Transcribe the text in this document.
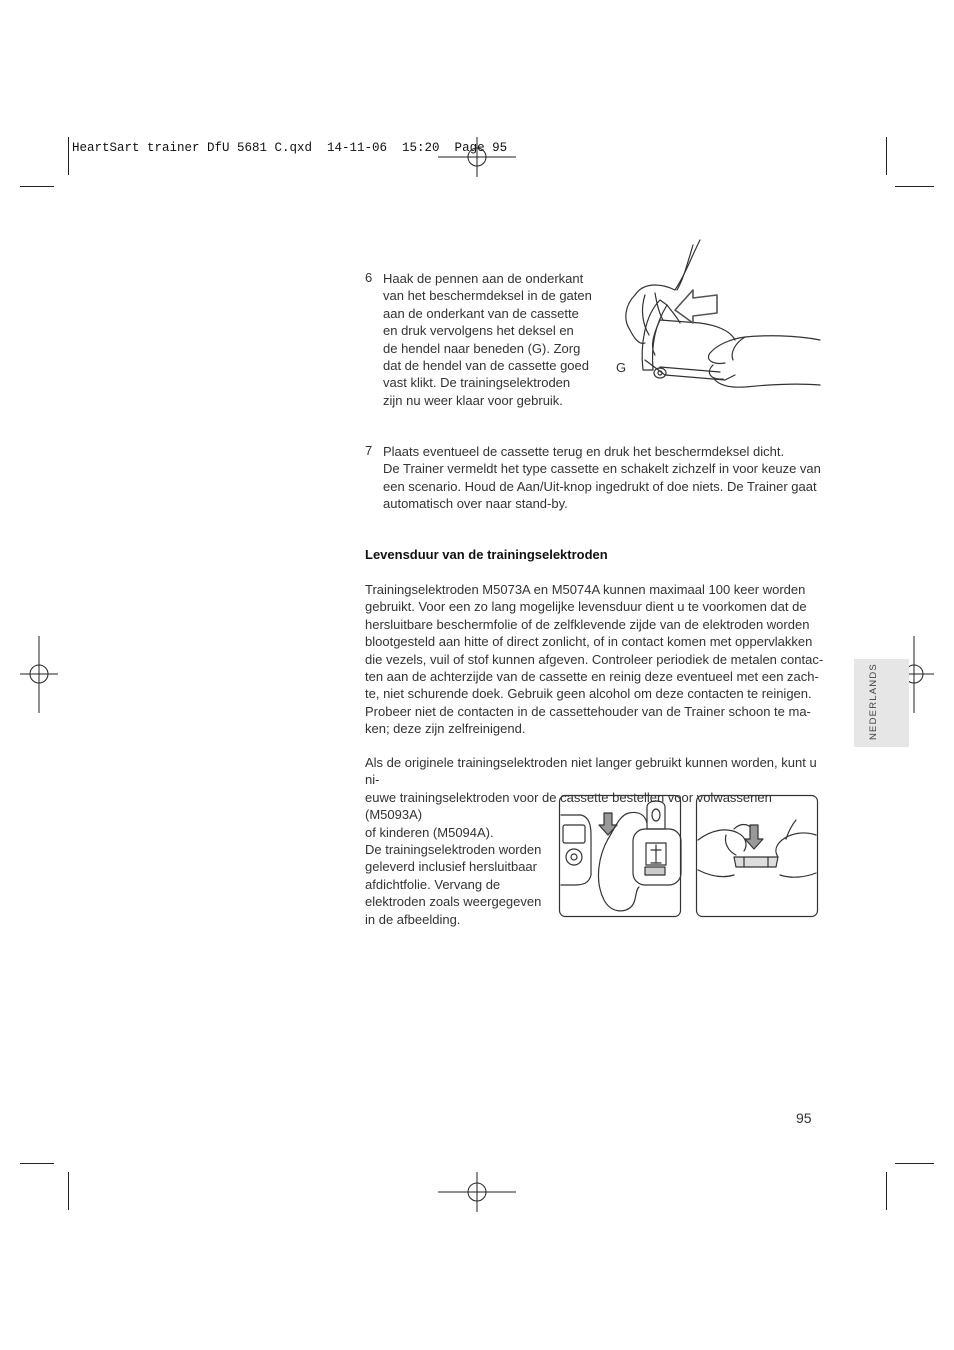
HeartSart trainer DfU 5681 C.qxd  14-11-06  15:20  Page 95
6 Haak de pennen aan de onderkant
van het beschermdeksel in de gaten
aan de onderkant van de cassette
en druk vervolgens het deksel en
de hendel naar beneden (G). Zorg
dat de hendel van de cassette goed
vast klikt. De trainingselektroden
zijn nu weer klaar voor gebruik.
G
7 Plaats eventueel de cassette terug en druk het beschermdeksel dicht.
De Trainer vermeldt het type cassette en schakelt zichzelf in voor keuze van
een scenario. Houd de Aan/Uit-knop ingedrukt of doe niets. De Trainer gaat
automatisch over naar stand-by.
Levensduur van de trainingselektroden
Trainingselektroden M5073A en M5074A kunnen maximaal 100 keer worden
gebruikt. Voor een zo lang mogelijke levensduur dient u te voorkomen dat de
hersluitbare beschermfolie of de zelfklevende zijde van de elektroden worden
blootgesteld aan hitte of direct zonlicht, of in contact komen met oppervlakken
die vezels, vuil of stof kunnen afgeven. Controleer periodiek de metalen contac-
ten aan de achterzijde van de cassette en reinig deze eventueel met een zach-
te, niet schurende doek. Gebruik geen alcohol om deze contacten te reinigen.
Probeer niet de contacten in de cassettehouder van de Trainer schoon te ma-
ken; deze zijn zelfreinigend.
Als de originele trainingselektroden niet langer gebruikt kunnen worden, kunt u ni-
euwe trainingselektroden voor de cassette bestellen voor volwassenen (M5093A)
of kinderen (M5094A).
De trainingselektroden worden
geleverd inclusief hersluitbaar
afdichtfolie. Vervang de
elektroden zoals weergegeven
in de afbeelding.
NEDERLANDS
95
